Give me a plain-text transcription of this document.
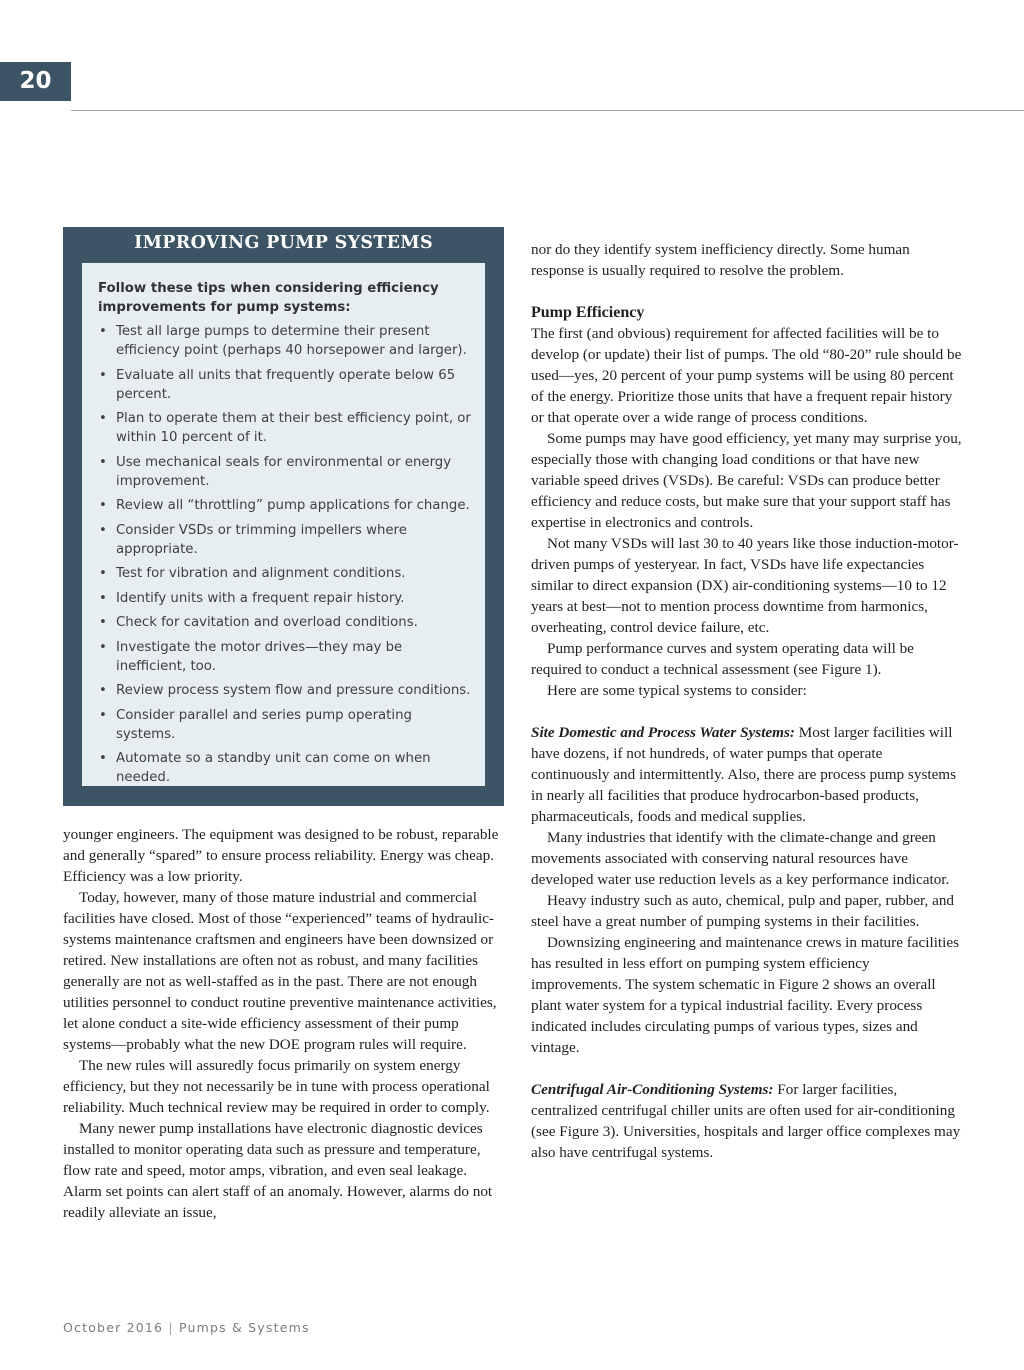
20
IMPROVING PUMP SYSTEMS

Follow these tips when considering efficiency improvements for pump systems:

• Test all large pumps to determine their present efficiency point (perhaps 40 horsepower and larger).
• Evaluate all units that frequently operate below 65 percent.
• Plan to operate them at their best efficiency point, or within 10 percent of it.
• Use mechanical seals for environmental or energy improvement.
• Review all “throttling” pump applications for change.
• Consider VSDs or trimming impellers where appropriate.
• Test for vibration and alignment conditions.
• Identify units with a frequent repair history.
• Check for cavitation and overload conditions.
• Investigate the motor drives—they may be inefficient, too.
• Review process system flow and pressure conditions.
• Consider parallel and series pump operating systems.
• Automate so a standby unit can come on when needed.

younger engineers. The equipment was designed to be robust, reparable and generally “spared” to ensure process reliability. Energy was cheap. Efficiency was a low priority.

Today, however, many of those mature industrial and commercial facilities have closed. Most of those “experienced” teams of hydraulic-systems maintenance craftsmen and engineers have been downsized or retired. New installations are often not as robust, and many facilities generally are not as well-staffed as in the past. There are not enough utilities personnel to conduct routine preventive maintenance activities, let alone conduct a site-wide efficiency assessment of their pump systems—probably what the new DOE program rules will require.

The new rules will assuredly focus primarily on system energy efficiency, but they not necessarily be in tune with process operational reliability. Much technical review may be required in order to comply.

Many newer pump installations have electronic diagnostic devices installed to monitor operating data such as pressure and temperature, flow rate and speed, motor amps, vibration, and even seal leakage. Alarm set points can alert staff of an anomaly. However, alarms do not readily alleviate an issue,

nor do they identify system inefficiency directly. Some human response is usually required to resolve the problem.

Pump Efficiency

The first (and obvious) requirement for affected facilities will be to develop (or update) their list of pumps. The old “80-20” rule should be used—yes, 20 percent of your pump systems will be using 80 percent of the energy. Prioritize those units that have a frequent repair history or that operate over a wide range of process conditions.

Some pumps may have good efficiency, yet many may surprise you, especially those with changing load conditions or that have new variable speed drives (VSDs). Be careful: VSDs can produce better efficiency and reduce costs, but make sure that your support staff has expertise in electronics and controls.

Not many VSDs will last 30 to 40 years like those induction-motor-driven pumps of yesteryear. In fact, VSDs have life expectancies similar to direct expansion (DX) air-conditioning systems—10 to 12 years at best—not to mention process downtime from harmonics, overheating, control device failure, etc.

Pump performance curves and system operating data will be required to conduct a technical assessment (see Figure 1).

Here are some typical systems to consider:

Site Domestic and Process Water Systems: Most larger facilities will have dozens, if not hundreds, of water pumps that operate continuously and intermittently. Also, there are process pump systems in nearly all facilities that produce hydrocarbon-based products, pharmaceuticals, foods and medical supplies.

Many industries that identify with the climate-change and green movements associated with conserving natural resources have developed water use reduction levels as a key performance indicator.

Heavy industry such as auto, chemical, pulp and paper, rubber, and steel have a great number of pumping systems in their facilities.

Downsizing engineering and maintenance crews in mature facilities has resulted in less effort on pumping system efficiency improvements. The system schematic in Figure 2 shows an overall plant water system for a typical industrial facility. Every process indicated includes circulating pumps of various types, sizes and vintage.

Centrifugal Air-Conditioning Systems: For larger facilities, centralized centrifugal chiller units are often used for air-conditioning (see Figure 3). Universities, hospitals and larger office complexes may also have centrifugal systems.

October 2016 | Pumps & Systems
